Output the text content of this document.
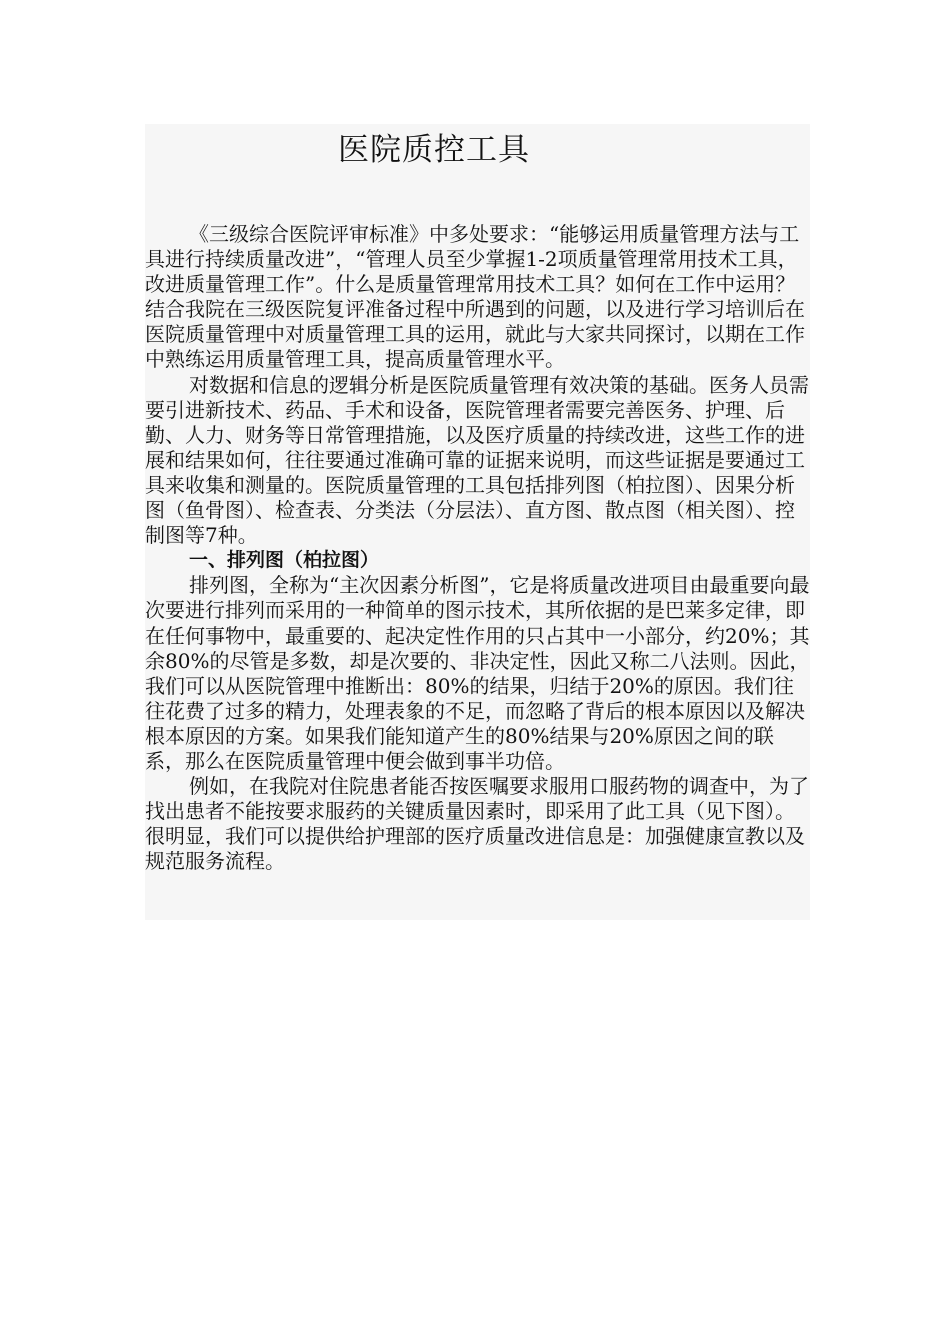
医院质控工具

《三级综合医院评审标准》中多处要求：“能够运用质量管理方法与工具进行持续质量改进”，“管理人员至少掌握1-2项质量管理常用技术工具，改进质量管理工作”。什么是质量管理常用技术工具？如何在工作中运用？结合我院在三级医院复评准备过程中所遇到的问题，以及进行学习培训后在医院质量管理中对质量管理工具的运用，就此与大家共同探讨，以期在工作中熟练运用质量管理工具，提高质量管理水平。

对数据和信息的逻辑分析是医院质量管理有效决策的基础。医务人员需要引进新技术、药品、手术和设备，医院管理者需要完善医务、护理、后勤、人力、财务等日常管理措施，以及医疗质量的持续改进，这些工作的进展和结果如何，往往要通过准确可靠的证据来说明，而这些证据是要通过工具来收集和测量的。医院质量管理的工具包括排列图（柏拉图）、因果分析图（鱼骨图）、检查表、分类法（分层法）、直方图、散点图（相关图）、控制图等7种。

一、排列图（柏拉图）

排列图，全称为“主次因素分析图”，它是将质量改进项目由最重要向最次要进行排列而采用的一种简单的图示技术，其所依据的是巴莱多定律，即在任何事物中，最重要的、起决定性作用的只占其中一小部分，约20%；其余80%的尽管是多数，却是次要的、非决定性，因此又称二八法则。因此，我们可以从医院管理中推断出：80%的结果，归结于20%的原因。我们往往花费了过多的精力，处理表象的不足，而忽略了背后的根本原因以及解决根本原因的方案。如果我们能知道产生的80%结果与20%原因之间的联系，那么在医院质量管理中便会做到事半功倍。

例如，在我院对住院患者能否按医嘱要求服用口服药物的调查中，为了找出患者不能按要求服药的关键质量因素时，即采用了此工具（见下图）。很明显，我们可以提供给护理部的医疗质量改进信息是：加强健康宣教以及规范服务流程。
